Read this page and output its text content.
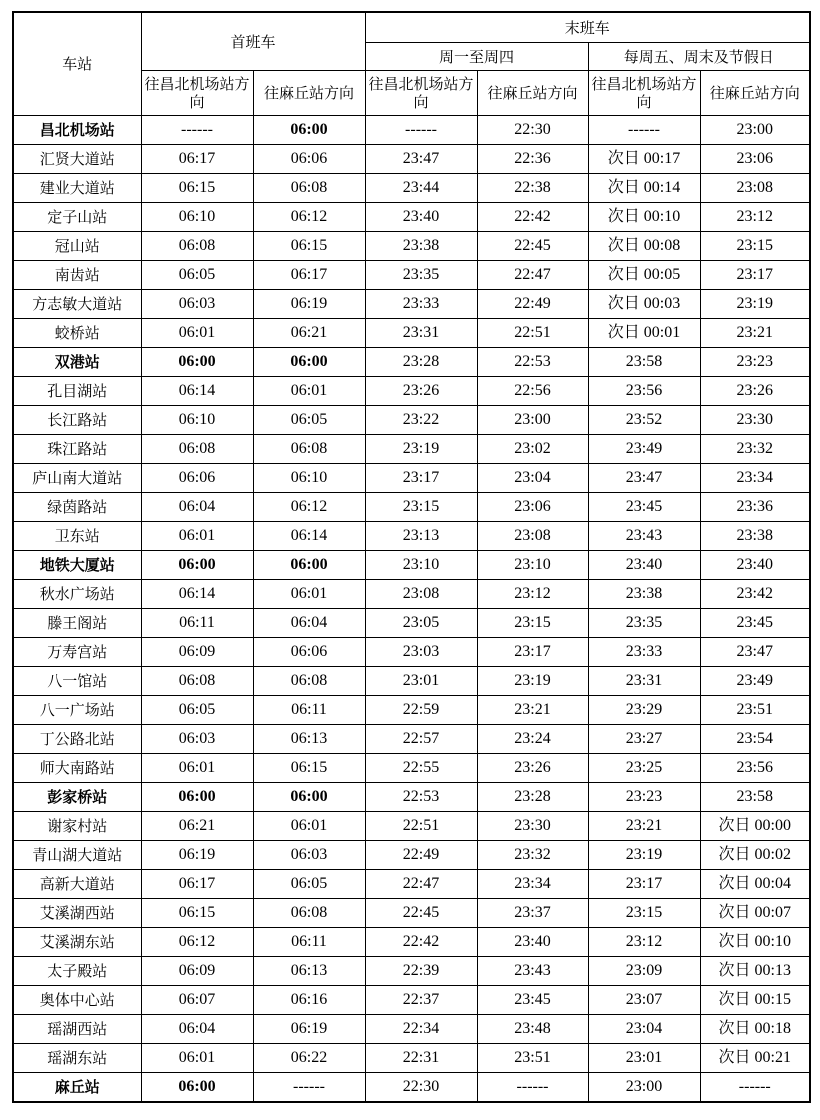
车站	首班车		末班车			
			周一至周四		每周五、周末及节假日	
	往昌北机场站方向	往麻丘站方向	往昌北机场站方向	往麻丘站方向	往昌北机场站方向	往麻丘站方向
昌北机场站	------	06:00	------	22:30	------	23:00
汇贤大道站	06:17	06:06	23:47	22:36	次日 00:17	23:06
建业大道站	06:15	06:08	23:44	22:38	次日 00:14	23:08
定子山站	06:10	06:12	23:40	22:42	次日 00:10	23:12
冠山站	06:08	06:15	23:38	22:45	次日 00:08	23:15
南齿站	06:05	06:17	23:35	22:47	次日 00:05	23:17
方志敏大道站	06:03	06:19	23:33	22:49	次日 00:03	23:19
蛟桥站	06:01	06:21	23:31	22:51	次日 00:01	23:21
双港站	06:00	06:00	23:28	22:53	23:58	23:23
孔目湖站	06:14	06:01	23:26	22:56	23:56	23:26
长江路站	06:10	06:05	23:22	23:00	23:52	23:30
珠江路站	06:08	06:08	23:19	23:02	23:49	23:32
庐山南大道站	06:06	06:10	23:17	23:04	23:47	23:34
绿茵路站	06:04	06:12	23:15	23:06	23:45	23:36
卫东站	06:01	06:14	23:13	23:08	23:43	23:38
地铁大厦站	06:00	06:00	23:10	23:10	23:40	23:40
秋水广场站	06:14	06:01	23:08	23:12	23:38	23:42
滕王阁站	06:11	06:04	23:05	23:15	23:35	23:45
万寿宫站	06:09	06:06	23:03	23:17	23:33	23:47
八一馆站	06:08	06:08	23:01	23:19	23:31	23:49
八一广场站	06:05	06:11	22:59	23:21	23:29	23:51
丁公路北站	06:03	06:13	22:57	23:24	23:27	23:54
师大南路站	06:01	06:15	22:55	23:26	23:25	23:56
彭家桥站	06:00	06:00	22:53	23:28	23:23	23:58
谢家村站	06:21	06:01	22:51	23:30	23:21	次日 00:00
青山湖大道站	06:19	06:03	22:49	23:32	23:19	次日 00:02
高新大道站	06:17	06:05	22:47	23:34	23:17	次日 00:04
艾溪湖西站	06:15	06:08	22:45	23:37	23:15	次日 00:07
艾溪湖东站	06:12	06:11	22:42	23:40	23:12	次日 00:10
太子殿站	06:09	06:13	22:39	23:43	23:09	次日 00:13
奥体中心站	06:07	06:16	22:37	23:45	23:07	次日 00:15
瑶湖西站	06:04	06:19	22:34	23:48	23:04	次日 00:18
瑶湖东站	06:01	06:22	22:31	23:51	23:01	次日 00:21
麻丘站	06:00	------	22:30	------	23:00	------
